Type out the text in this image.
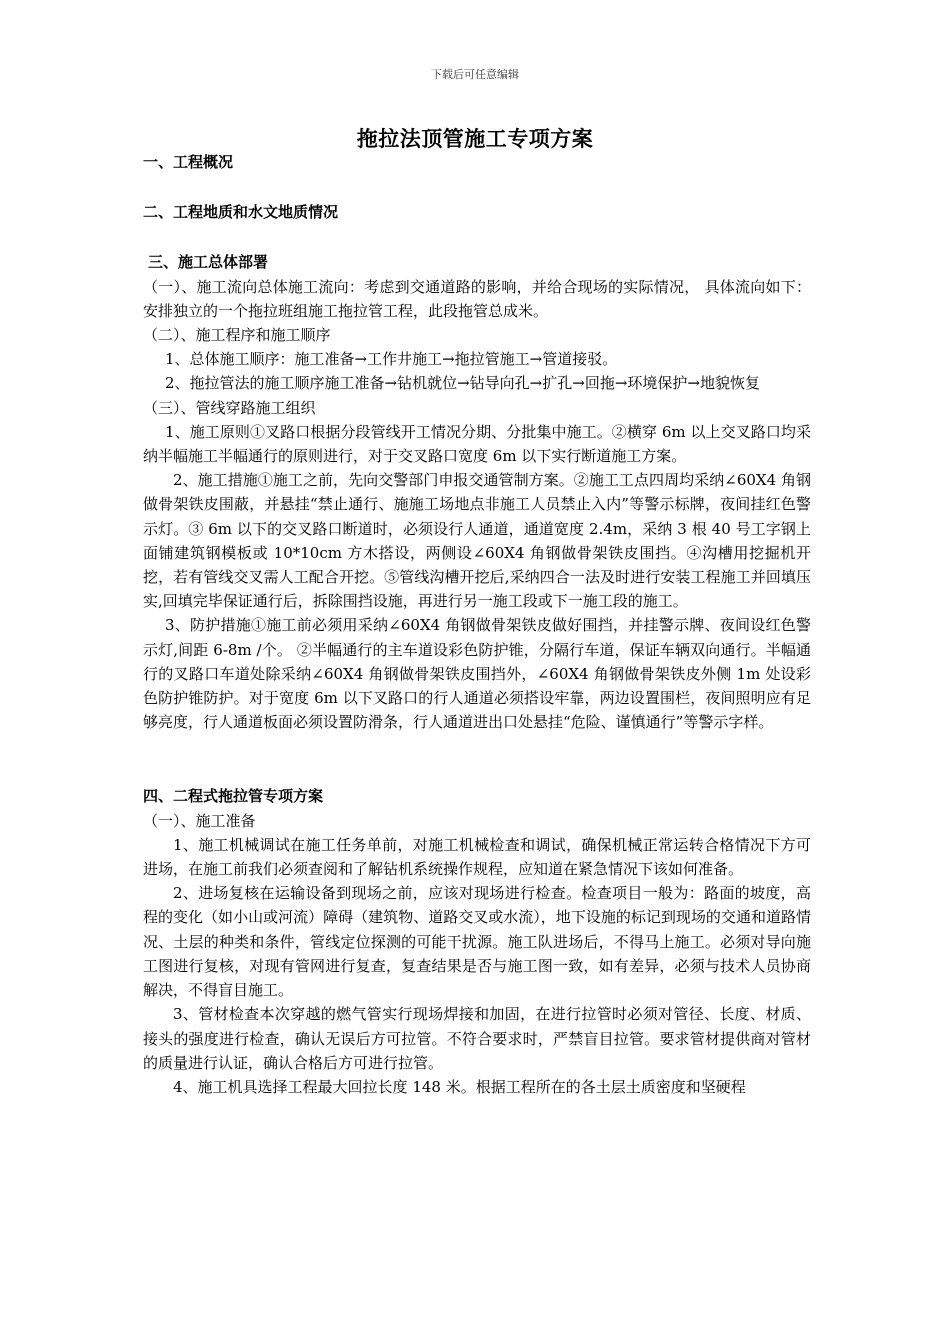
下载后可任意编辑
拖拉法顶管施工专项方案

一、工程概况

二、工程地质和水文地质情况

三、施工总体部署

（一）、施工流向总体施工流向：考虑到交通道路的影响，并给合现场的实际情况， 具体流向如下：安排独立的一个拖拉班组施工拖拉管工程，此段拖管总成米。

（二）、施工程序和施工顺序

1、总体施工顺序：施工准备→工作井施工→拖拉管施工→管道接驳。

2、拖拉管法的施工顺序施工准备→钻机就位→钻导向孔→扩孔→回拖→环境保护→地貌恢复

（三）、管线穿路施工组织

1、施工原则①叉路口根据分段管线开工情况分期、分批集中施工。②横穿 6m 以上交叉路口均采纳半幅施工半幅通行的原则进行，对于交叉路口宽度 6m 以下实行断道施工方案。

2、施工措施①施工之前，先向交警部门申报交通管制方案。②施工工点四周均采纳∠60X4 角钢做骨架铁皮围蔽，并悬挂“禁止通行、施施工场地点非施工人员禁止入内”等警示标牌，夜间挂红色警示灯。③ 6m 以下的交叉路口断道时，必须设行人通道，通道宽度 2.4m，采纳 3 根 40 号工字钢上面铺建筑钢模板或 10*10cm 方木搭设，两侧设∠60X4 角钢做骨架铁皮围挡。④沟槽用挖掘机开挖，若有管线交叉需人工配合开挖。⑤管线沟槽开挖后,采纳四合一法及时进行安装工程施工并回填压实,回填完毕保证通行后，拆除围挡设施，再进行另一施工段或下一施工段的施工。

3、防护措施①施工前必须用采纳∠60X4 角钢做骨架铁皮做好围挡，并挂警示牌、夜间设红色警示灯,间距 6-8m /个。 ②半幅通行的主车道设彩色防护锥，分隔行车道，保证车辆双向通行。半幅通行的叉路口车道处除采纳∠60X4 角钢做骨架铁皮围挡外，∠60X4 角钢做骨架铁皮外侧 1m 处设彩色防护锥防护。对于宽度 6m 以下叉路口的行人通道必须搭设牢靠，两边设置围栏，夜间照明应有足够亮度，行人通道板面必须设置防滑条，行人通道进出口处悬挂“危险、谨慎通行”等警示字样。

四、二程式拖拉管专项方案

（一）、施工准备

1、施工机械调试在施工任务单前，对施工机械检查和调试，确保机械正常运转合格情况下方可进场，在施工前我们必须查阅和了解钻机系统操作规程，应知道在紧急情况下该如何准备。

2、进场复核在运输设备到现场之前，应该对现场进行检查。检查项目一般为：路面的坡度，高程的变化（如小山或河流）障碍（建筑物、道路交叉或水流），地下设施的标记到现场的交通和道路情况、土层的种类和条件，管线定位探测的可能干扰源。施工队进场后，不得马上施工。必须对导向施工图进行复核，对现有管网进行复查，复查结果是否与施工图一致，如有差异，必须与技术人员协商解决，不得盲目施工。

3、管材检查本次穿越的燃气管实行现场焊接和加固，在进行拉管时必须对管径、长度、材质、接头的强度进行检查，确认无误后方可拉管。不符合要求时，严禁盲目拉管。要求管材提供商对管材的质量进行认证，确认合格后方可进行拉管。

4、施工机具选择工程最大回拉长度 148 米。根据工程所在的各土层土质密度和坚硬程
